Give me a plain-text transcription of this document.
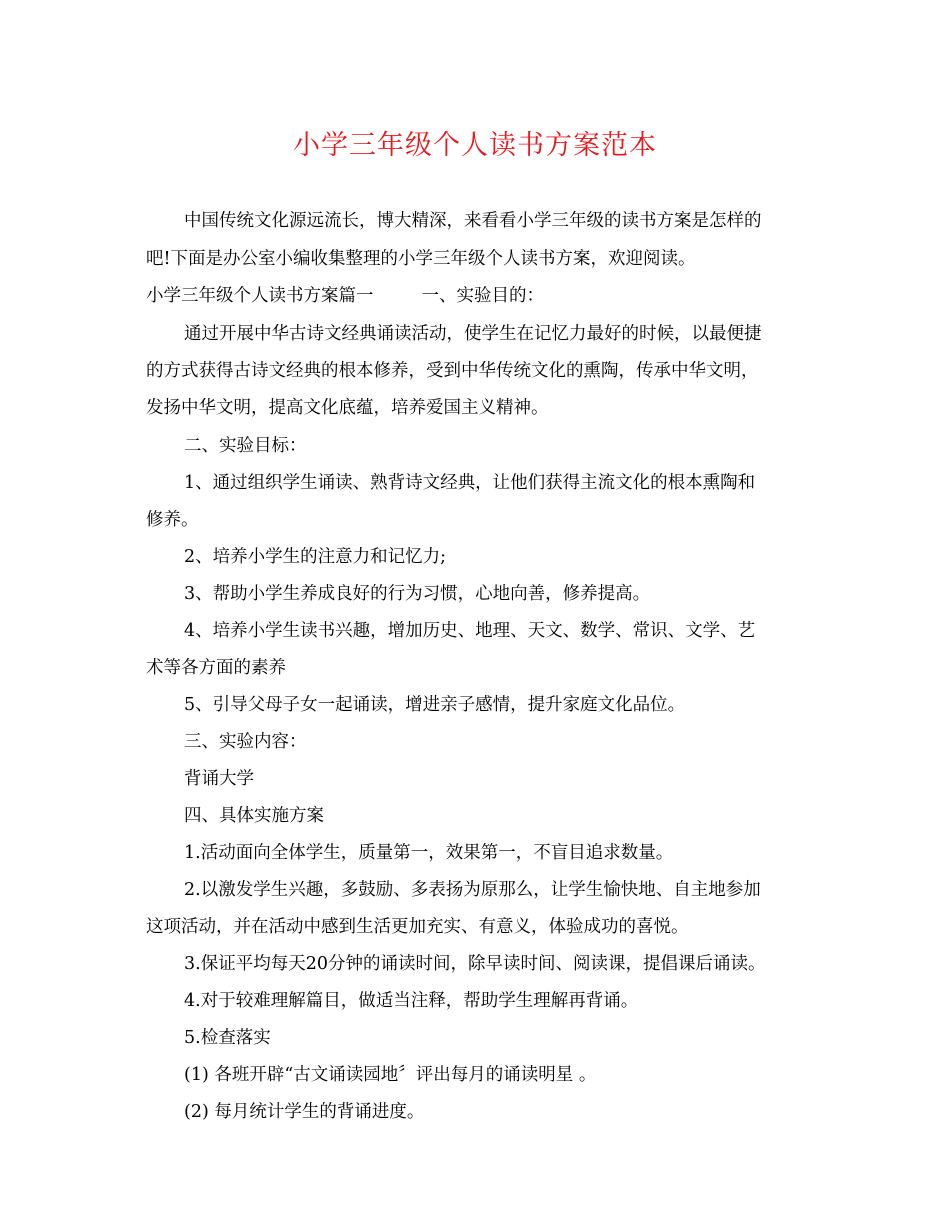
小学三年级个人读书方案范本
中国传统文化源远流长，博大精深，来看看小学三年级的读书方案是怎样的
吧!下面是办公室小编收集整理的小学三年级个人读书方案，欢迎阅读。
小学三年级个人读书方案篇一	一、实验目的：
通过开展中华古诗文经典诵读活动，使学生在记忆力最好的时候，以最便捷
的方式获得古诗文经典的根本修养，受到中华传统文化的熏陶，传承中华文明，
发扬中华文明，提高文化底蕴，培养爱国主义精神。
二、实验目标：
1、通过组织学生诵读、熟背诗文经典，让他们获得主流文化的根本熏陶和
修养。
2、培养小学生的注意力和记忆力;
3、帮助小学生养成良好的行为习惯，心地向善，修养提高。
4、培养小学生读书兴趣，增加历史、地理、天文、数学、常识、文学、艺
术等各方面的素养
5、引导父母子女一起诵读，增进亲子感情，提升家庭文化品位。
三、实验内容：
背诵大学
四、具体实施方案
1.活动面向全体学生，质量第一，效果第一，不盲目追求数量。
2.以激发学生兴趣，多鼓励、多表扬为原那么，让学生愉快地、自主地参加
这项活动，并在活动中感到生活更加充实、有意义，体验成功的喜悦。
3.保证平均每天20分钟的诵读时间，除早读时间、阅读课，提倡课后诵读。
4.对于较难理解篇目，做适当注释，帮助学生理解再背诵。
5.检查落实
(1) 各班开辟“古文诵读园地〞评出每月的诵读明星 。
(2) 每月统计学生的背诵进度。
